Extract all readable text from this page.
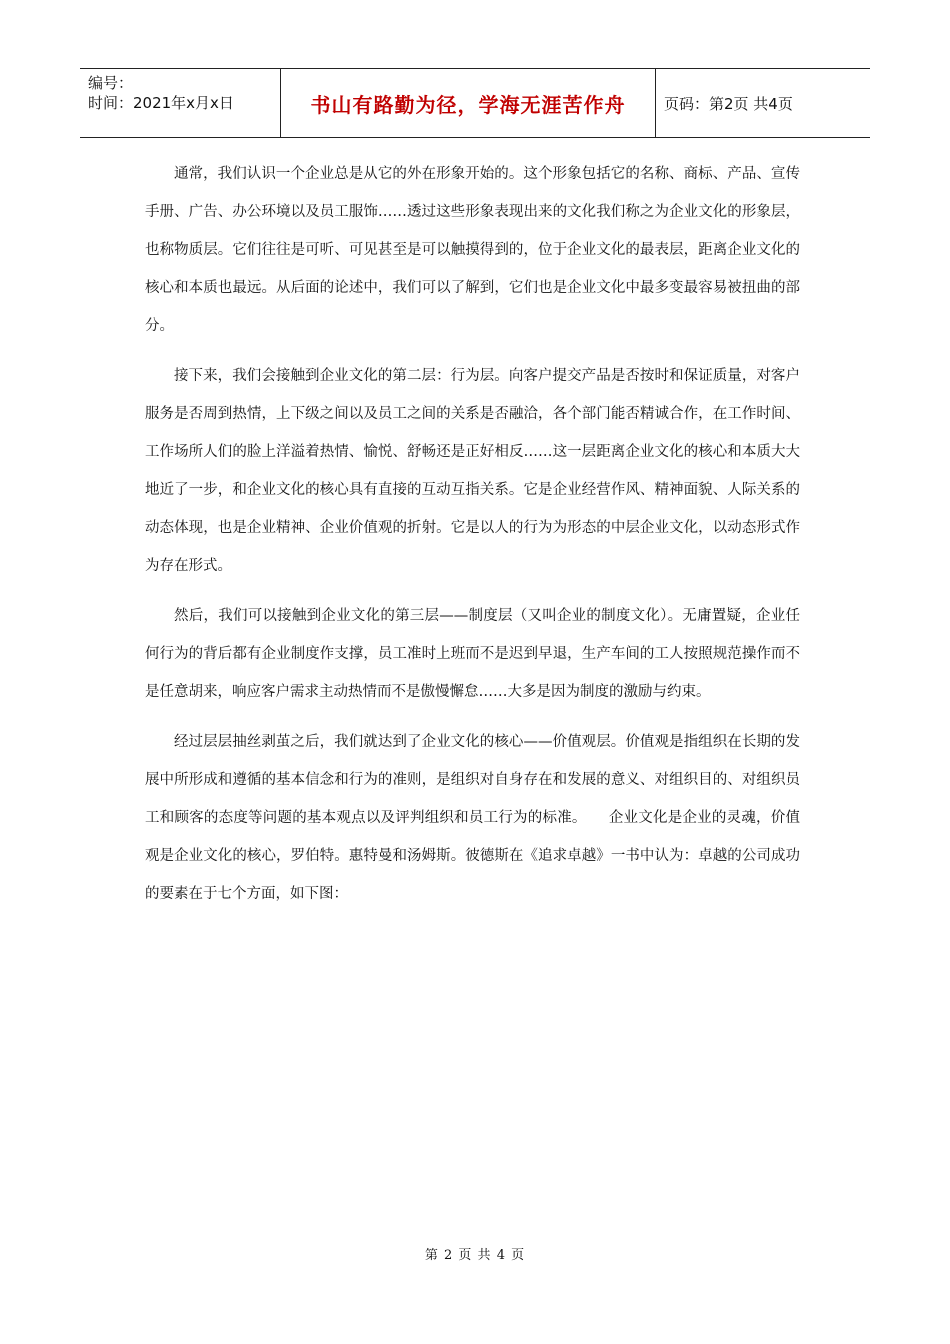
编号：
时间：2021年x月x日	书山有路勤为径，学海无涯苦作舟	页码：第2页 共4页

通常，我们认识一个企业总是从它的外在形象开始的。这个形象包括它的名称、商标、产品、宣传手册、广告、办公环境以及员工服饰……透过这些形象表现出来的文化我们称之为企业文化的形象层，也称物质层。它们往往是可听、可见甚至是可以触摸得到的，位于企业文化的最表层，距离企业文化的核心和本质也最远。从后面的论述中，我们可以了解到，它们也是企业文化中最多变最容易被扭曲的部分。

接下来，我们会接触到企业文化的第二层：行为层。向客户提交产品是否按时和保证质量，对客户服务是否周到热情，上下级之间以及员工之间的关系是否融洽，各个部门能否精诚合作，在工作时间、工作场所人们的脸上洋溢着热情、愉悦、舒畅还是正好相反……这一层距离企业文化的核心和本质大大地近了一步，和企业文化的核心具有直接的互动互指关系。它是企业经营作风、精神面貌、人际关系的动态体现，也是企业精神、企业价值观的折射。它是以人的行为为形态的中层企业文化，以动态形式作为存在形式。

然后，我们可以接触到企业文化的第三层——制度层（又叫企业的制度文化）。无庸置疑，企业任何行为的背后都有企业制度作支撑，员工准时上班而不是迟到早退，生产车间的工人按照规范操作而不是任意胡来，响应客户需求主动热情而不是傲慢懈怠……大多是因为制度的激励与约束。

经过层层抽丝剥茧之后，我们就达到了企业文化的核心——价值观层。价值观是指组织在长期的发展中所形成和遵循的基本信念和行为的准则，是组织对自身存在和发展的意义、对组织目的、对组织员工和顾客的态度等问题的基本观点以及评判组织和员工行为的标准。　　企业文化是企业的灵魂，价值观是企业文化的核心，罗伯特。惠特曼和汤姆斯。彼德斯在《追求卓越》一书中认为：卓越的公司成功的要素在于七个方面，如下图：

第 2 页 共 4 页
